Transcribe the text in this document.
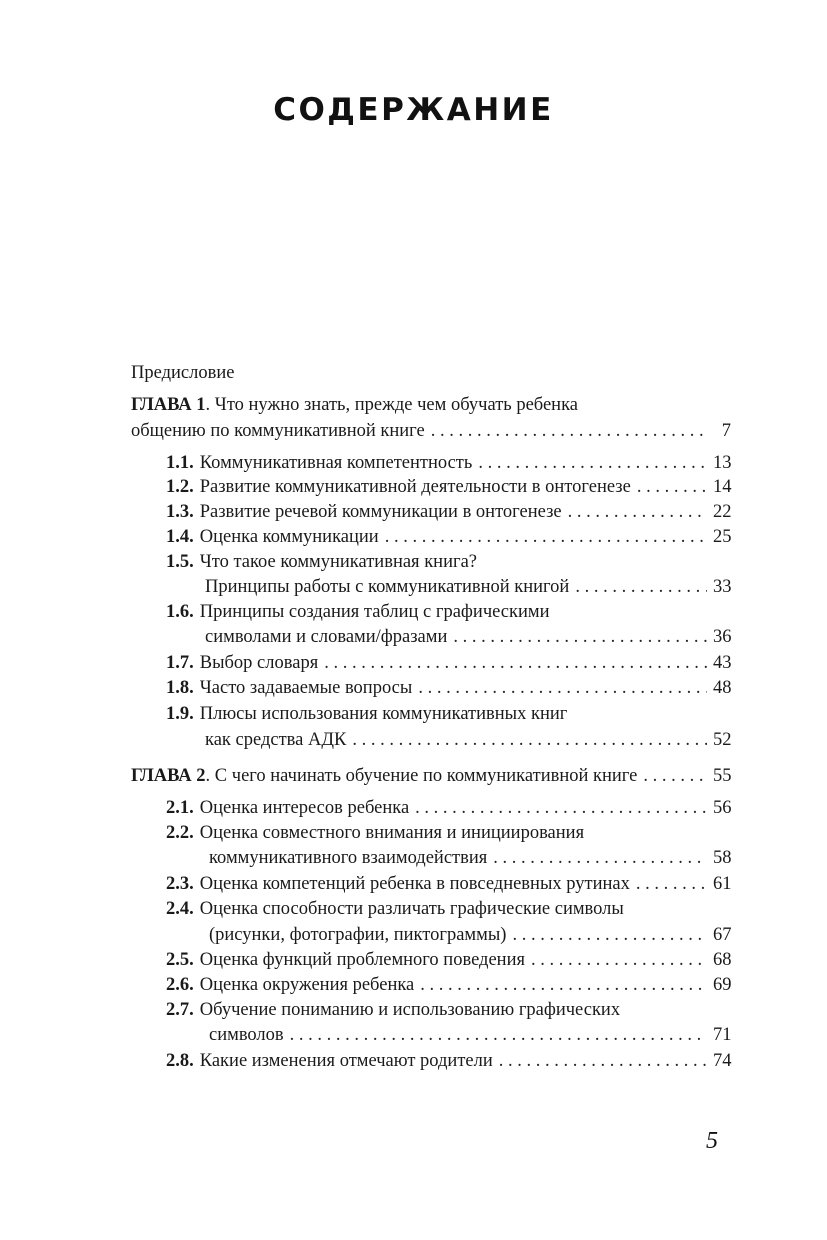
СОДЕРЖАНИЕ
Предисловие
ГЛАВА 1 . Что нужно знать, прежде чем обучать ребенка
общению по коммуникативной книге . . .	7
1.1. Коммуникативная компетентность . . .	13
1.2. Развитие коммуникативной деятельности в онтогенезе . . .	14
1.3. Развитие речевой коммуникации в онтогенезе . . .	22
1.4. Оценка коммуникации . . .	25
1.5. Что такое коммуникативная книга?
Принципы работы с коммуникативной книгой . . .	33
1.6. Принципы создания таблиц с графическими
символами и словами/фразами . . .	36
1.7. Выбор словаря . . .	43
1.8. Часто задаваемые вопросы . . .	48
1.9. Плюсы использования коммуникативных книг
как средства АДК . . .	52
ГЛАВА 2 . С чего начинать обучение по коммуникативной книге . . .	55
2.1. Оценка интересов ребенка . . .	56
2.2. Оценка совместного внимания и инициирования
коммуникативного взаимодействия . . .	58
2.3. Оценка компетенций ребенка в повседневных рутинах . . .	61
2.4. Оценка способности различать графические символы
(рисунки, фотографии, пиктограммы) . . .	67
2.5. Оценка функций проблемного поведения . . .	68
2.6. Оценка окружения ребенка . . .	69
2.7. Обучение пониманию и использованию графических
символов . . .	71
2.8. Какие изменения отмечают родители . . .	74
5
